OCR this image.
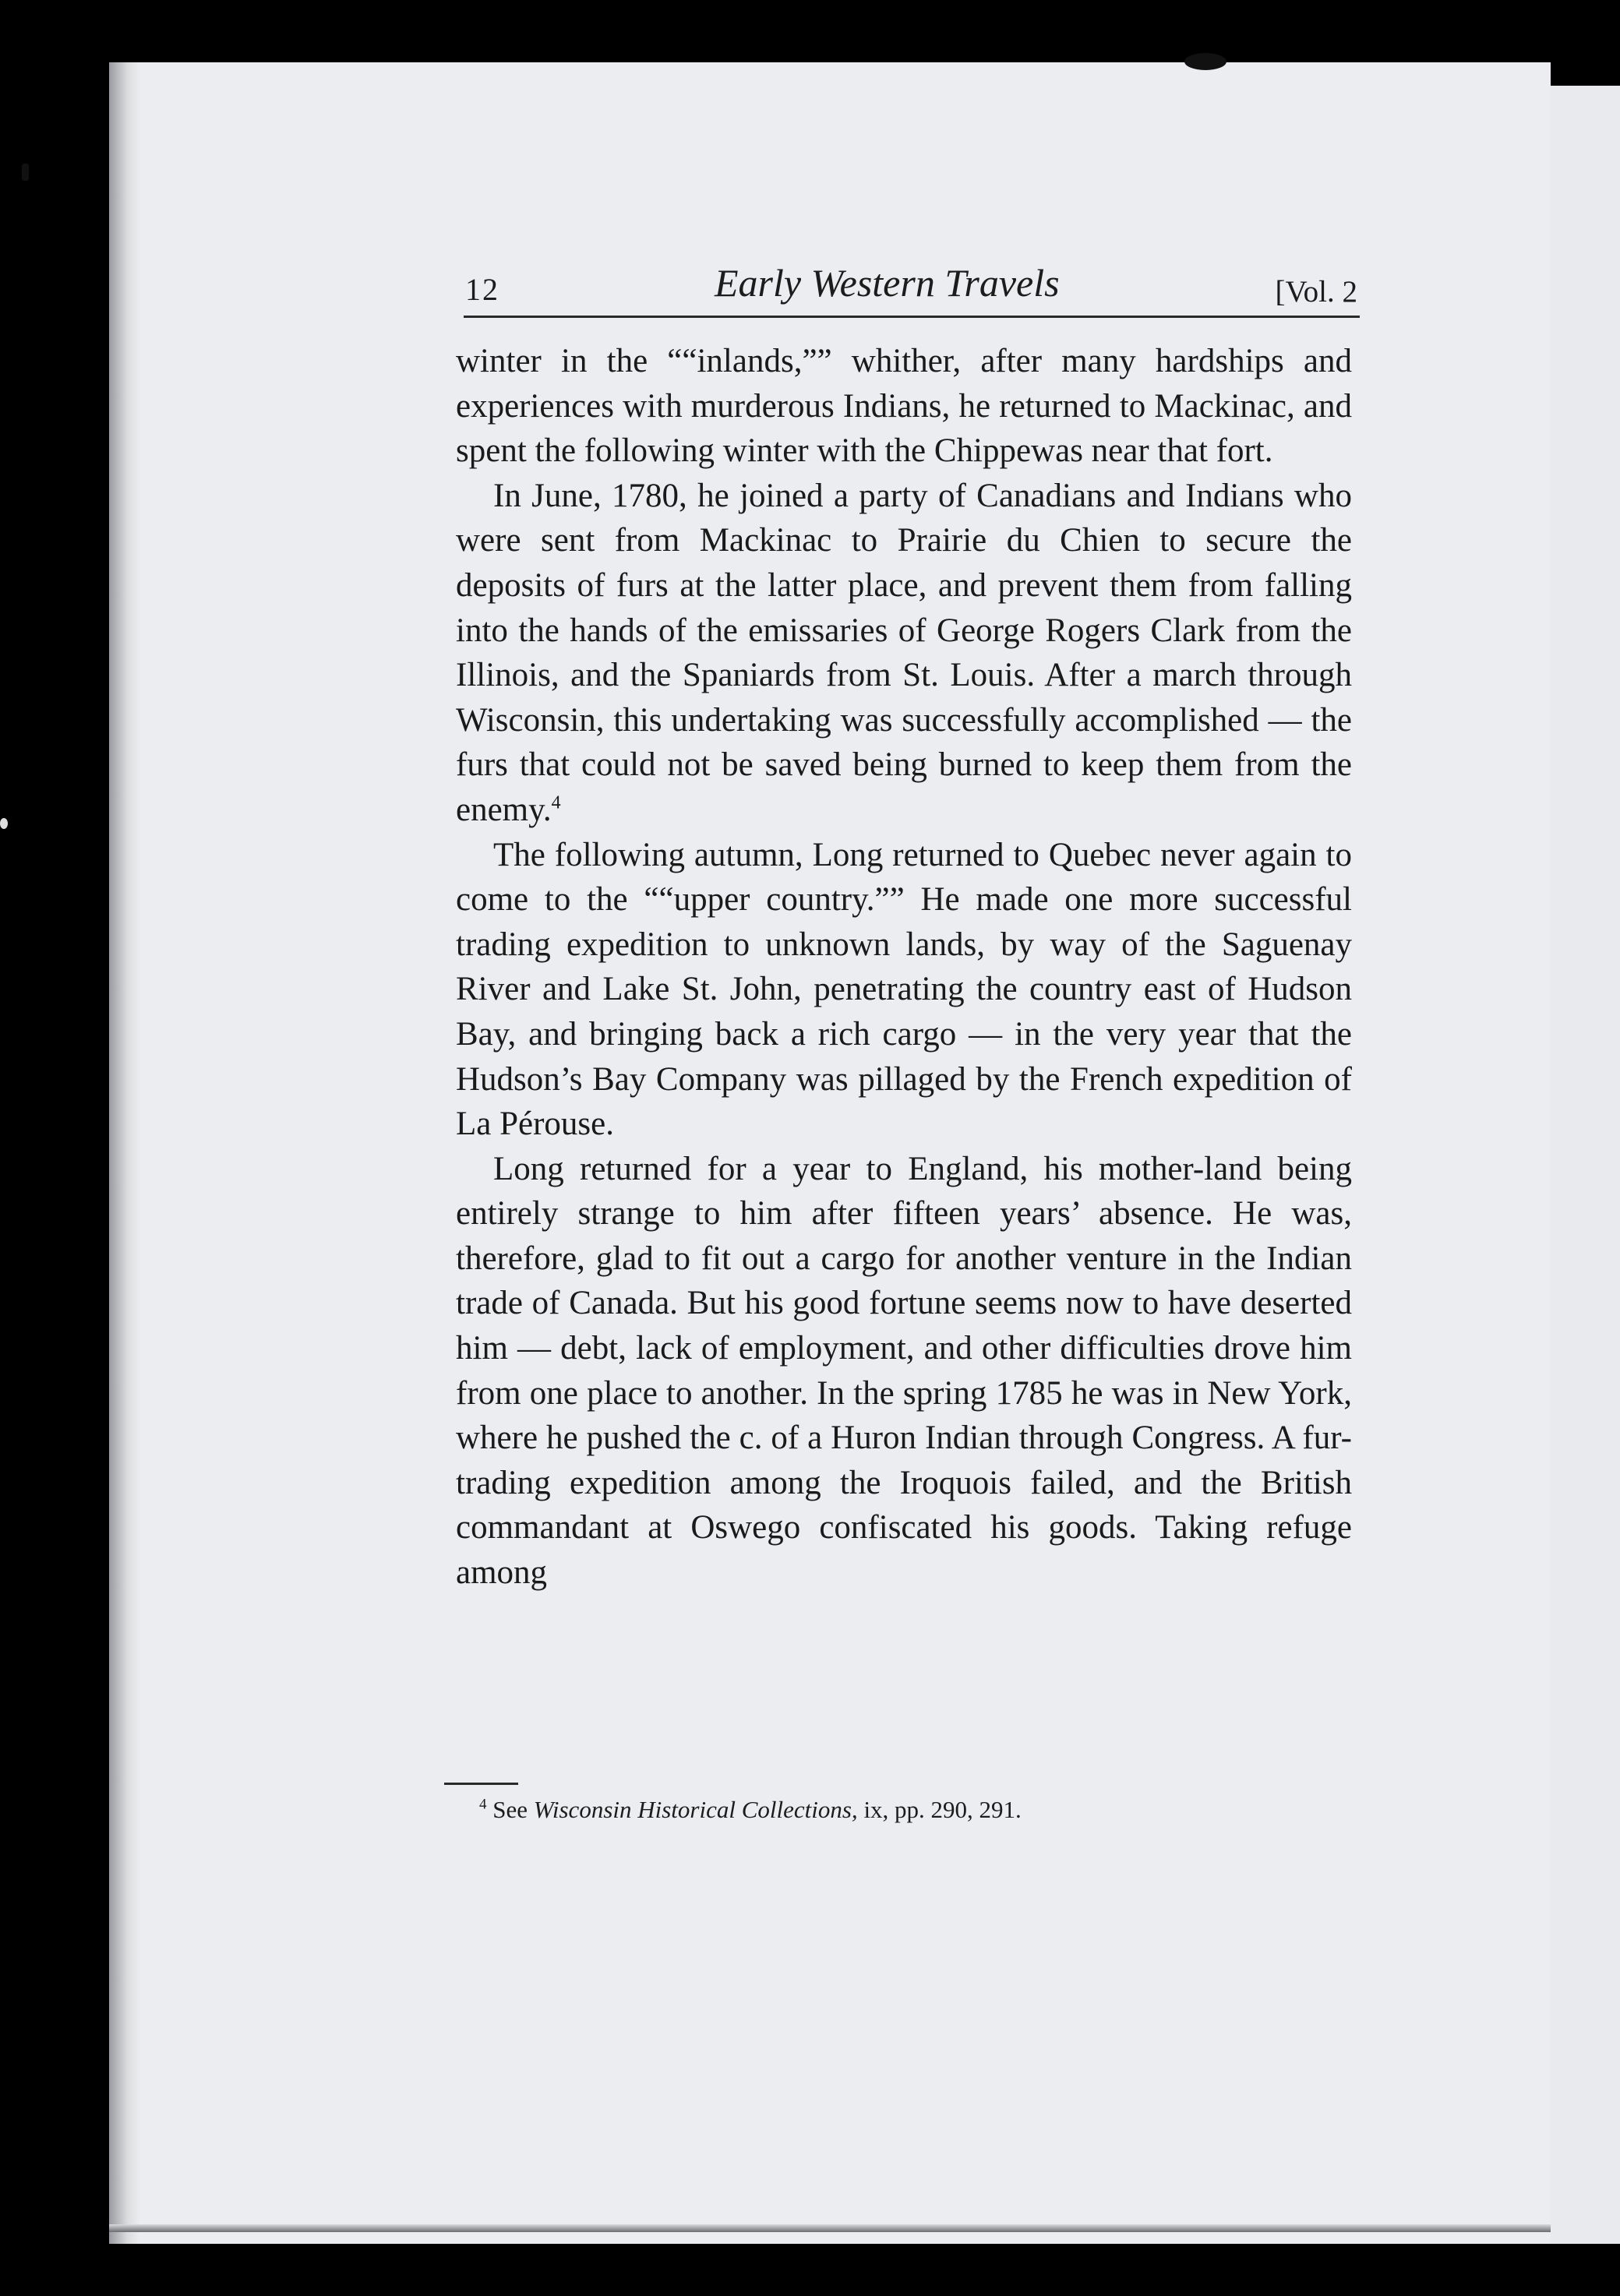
12	Early Western Travels	[Vol. 2

winter in the ““inlands,”” whither, after many hardships and experiences with murderous Indians, he returned to Mackinac, and spent the following winter with the Chippewas near that fort.

In June, 1780, he joined a party of Canadians and Indians who were sent from Mackinac to Prairie du Chien to secure the deposits of furs at the latter place, and prevent them from falling into the hands of the emissaries of George Rogers Clark from the Illinois, and the Spaniards from St. Louis. After a march through Wisconsin, this undertaking was successfully accomplished — the furs that could not be saved being burned to keep them from the enemy.$^4$

The following autumn, Long returned to Quebec never again to come to the ““upper country.”” He made one more successful trading expedition to unknown lands, by way of the Saguenay River and Lake St. John, penetrating the country east of Hudson Bay, and bringing back a rich cargo — in the very year that the Hudson’s Bay Company was pillaged by the French expedition of La Pérouse.

Long returned for a year to England, his mother-land being entirely strange to him after fifteen years’ absence. He was, therefore, glad to fit out a cargo for another venture in the Indian trade of Canada. But his good fortune seems now to have deserted him — debt, lack of employment, and other difficulties drove him from one place to another. In the spring 1785 he was in New York, where he pushed the c. of a Huron Indian through Congress. A fur-trading expedition among the Iroquois failed, and the British commandant at Oswego confiscated his goods. Taking refuge among

$^4$ See Wisconsin Historical Collections, ix, pp. 290, 291.
